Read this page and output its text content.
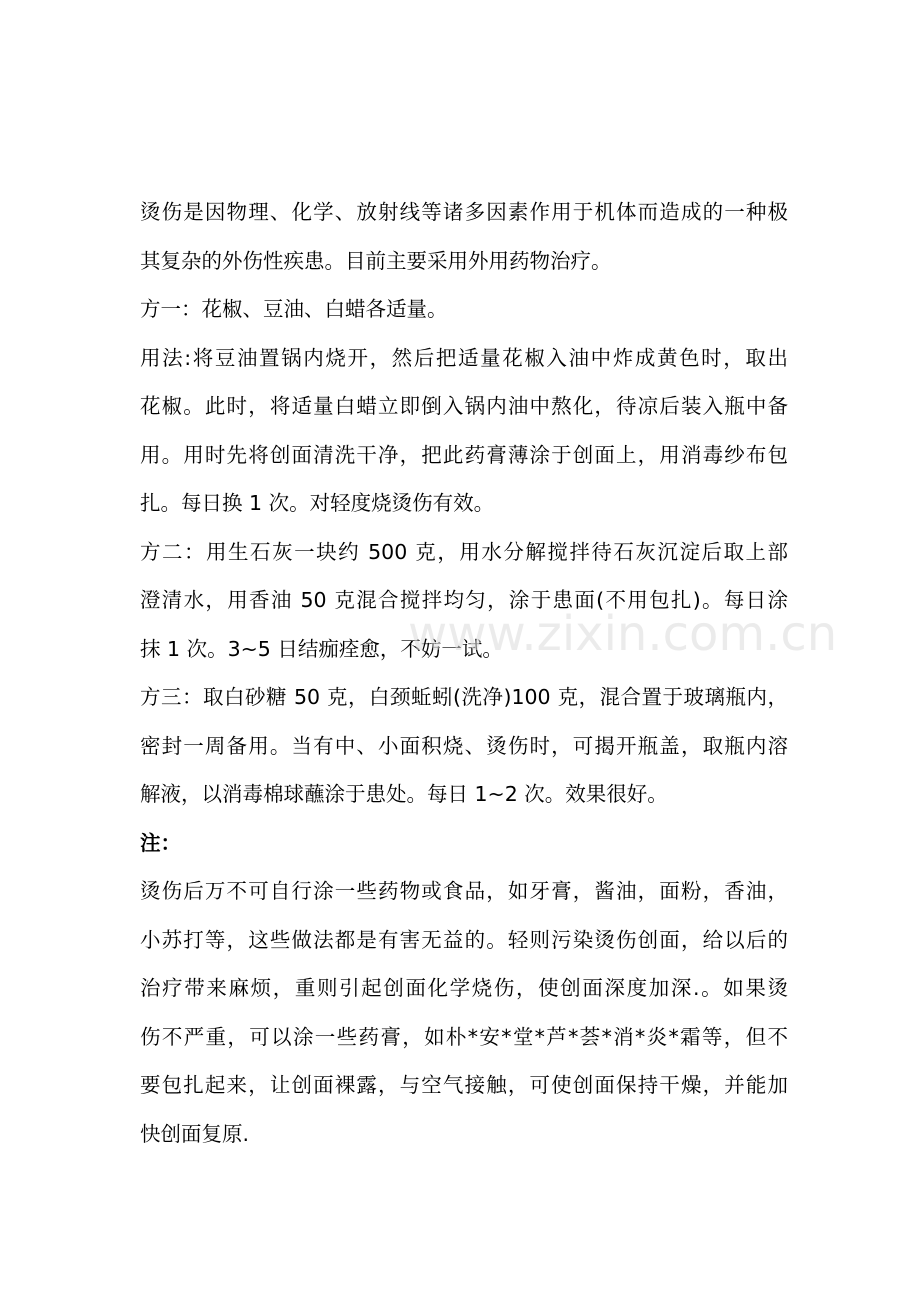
烫伤是因物理、化学、放射线等诸多因素作用于机体而造成的一种极
其复杂的外伤性疾患。目前主要采用外用药物治疗。
方一：花椒、豆油、白蜡各适量。
用法:将豆油置锅内烧开，然后把适量花椒入油中炸成黄色时，取出
花椒。此时，将适量白蜡立即倒入锅内油中熬化，待凉后装入瓶中备
用。用时先将创面清洗干净，把此药膏薄涂于创面上，用消毒纱布包
扎。每日换 1 次。对轻度烧烫伤有效。
方二：用生石灰一块约 500 克，用水分解搅拌待石灰沉淀后取上部
澄清水，用香油 50 克混合搅拌均匀，涂于患面(不用包扎)。每日涂
抹 1 次。3~5 日结痂痊愈，不妨一试。
方三：取白砂糖 50 克，白颈蚯蚓(洗净)100 克，混合置于玻璃瓶内，
密封一周备用。当有中、小面积烧、烫伤时，可揭开瓶盖，取瓶内溶
解液，以消毒棉球蘸涂于患处。每日 1~2 次。效果很好。
注：
烫伤后万不可自行涂一些药物或食品，如牙膏，酱油，面粉，香油，
小苏打等，这些做法都是有害无益的。轻则污染烫伤创面，给以后的
治疗带来麻烦，重则引起创面化学烧伤，使创面深度加深.。如果烫
伤不严重，可以涂一些药膏，如朴*安*堂*芦*荟*消*炎*霜等，但不
要包扎起来，让创面裸露，与空气接触，可使创面保持干燥，并能加
快创面复原.
www.zixin.com.cn
